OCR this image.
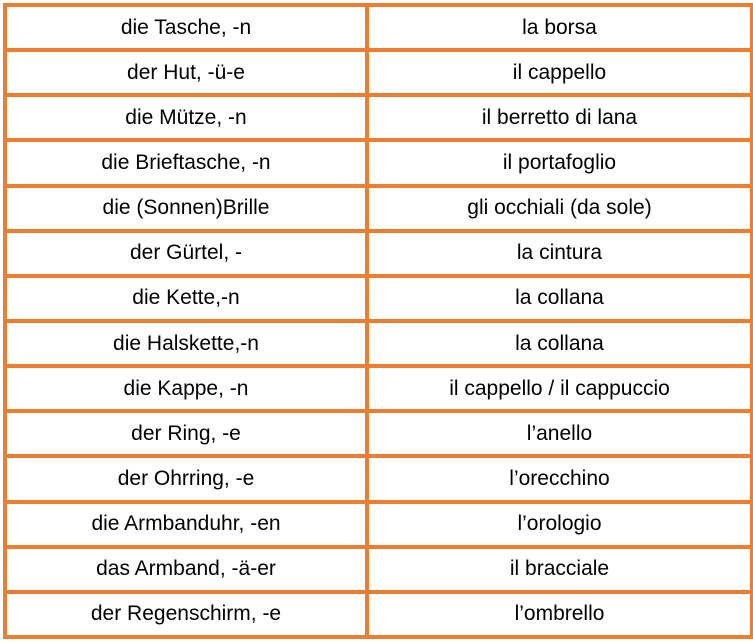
die Tasche, -n	la borsa
der Hut, -ü-e	il cappello
die Mütze, -n	il berretto di lana
die Brieftasche, -n	il portafoglio
die (Sonnen)Brille	gli occhiali (da sole)
der Gürtel, -	la cintura
die Kette,-n	la collana
die Halskette,-n	la collana
die Kappe, -n	il cappello / il cappuccio
der Ring, -e	l’anello
der Ohrring, -e	l’orecchino
die Armbanduhr, -en	l’orologio
das Armband, -ä-er	il bracciale
der Regenschirm, -e	l’ombrello
